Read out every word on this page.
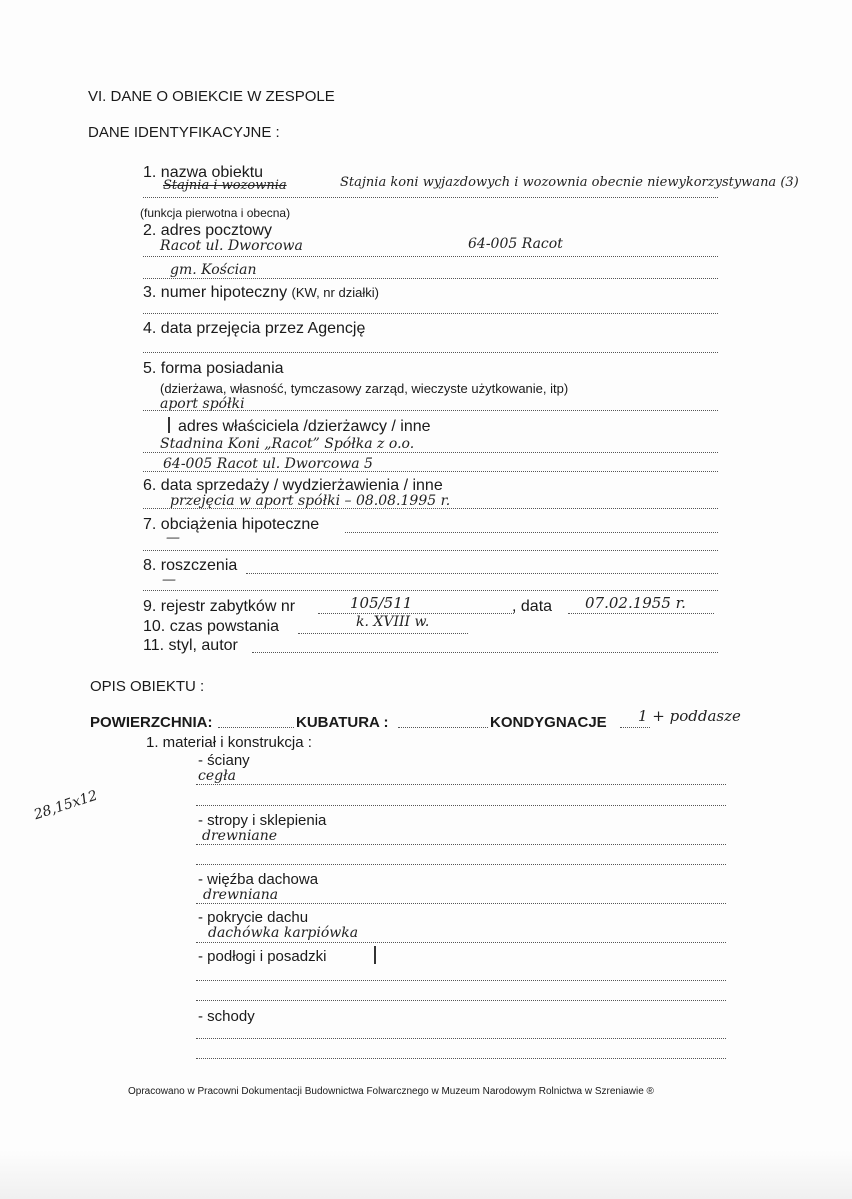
VI. DANE O OBIEKCIE W ZESPOLE
DANE IDENTYFIKACYJNE :
1. nazwa obiektu
Stajnia i wozownia	Stajnia koni wyjazdowych i wozownia obecnie niewykorzystywana (3)
(funkcja pierwotna i obecna)
2. adres pocztowy
Racot ul. Dworcowa	64-005 Racot
gm. Kościan
3. numer hipoteczny (KW, nr działki)
4. data przejęcia przez Agencję
5. forma posiadania
(dzierżawa, własność, tymczasowy zarząd, wieczyste użytkowanie, itp)
aport spółki
adres właściciela /dzierżawcy / inne
Stadnina Koni „Racot” Spółka z o.o.
64-005 Racot ul. Dworcowa 5
6. data sprzedaży / wydzierżawienia / inne
przejęcia w aport spółki – 08.08.1995 r.
7. obciążenia hipoteczne
—
8. roszczenia
—
9. rejestr zabytków nr	105/511	, data 07.02.1955 r.
10. czas powstania	k. XVIII w.
11. styl, autor
OPIS OBIEKTU :
POWIERZCHNIA:	KUBATURA :	KONDYGNACJE 1 + poddasze
1. materiał i konstrukcja :
- ściany
cegła
- stropy i sklepienia
drewniane
- więźba dachowa
drewniana
- pokrycie dachu
dachówka karpiówka
- podłogi i posadzki
- schody
28,15x12
Opracowano w Pracowni Dokumentacji Budownictwa Folwarcznego w Muzeum Narodowym Rolnictwa w Szreniawie ®
